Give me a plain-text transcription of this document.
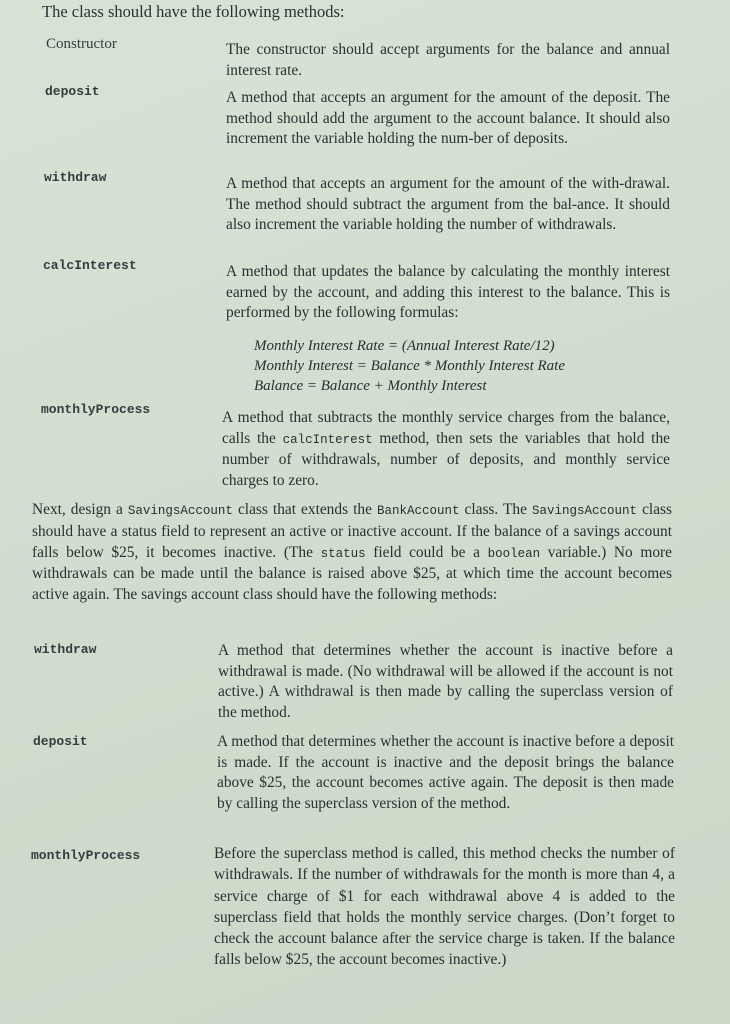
The class should have the following methods:
Constructor	The constructor should accept arguments for the balance and annual interest rate.
deposit	A method that accepts an argument for the amount of the deposit. The method should add the argument to the account balance. It should also increment the variable holding the num-ber of deposits.
withdraw	A method that accepts an argument for the amount of the with-drawal. The method should subtract the argument from the bal-ance. It should also increment the variable holding the number of withdrawals.
calcInterest	A method that updates the balance by calculating the monthly interest earned by the account, and adding this interest to the balance. This is performed by the following formulas:
Monthly Interest Rate = (Annual Interest Rate/12)
Monthly Interest = Balance * Monthly Interest Rate
Balance = Balance + Monthly Interest
monthlyProcess	A method that subtracts the monthly service charges from the balance, calls the calcInterest method, then sets the variables that hold the number of withdrawals, number of deposits, and monthly service charges to zero.
Next, design a SavingsAccount class that extends the BankAccount class. The SavingsAccount class should have a status field to represent an active or inactive account. If the balance of a savings account falls below $25, it becomes inactive. (The status field could be a boolean variable.) No more withdrawals can be made until the balance is raised above $25, at which time the account becomes active again. The savings account class should have the following methods:
withdraw	A method that determines whether the account is inactive before a withdrawal is made. (No withdrawal will be allowed if the account is not active.) A withdrawal is then made by calling the superclass version of the method.
deposit	A method that determines whether the account is inactive before a deposit is made. If the account is inactive and the deposit brings the balance above $25, the account becomes active again. The deposit is then made by calling the superclass version of the method.
monthlyProcess	Before the superclass method is called, this method checks the number of withdrawals. If the number of withdrawals for the month is more than 4, a service charge of $1 for each withdrawal above 4 is added to the superclass field that holds the monthly service charges. (Don’t forget to check the account balance after the service charge is taken. If the balance falls below $25, the account becomes inactive.)
